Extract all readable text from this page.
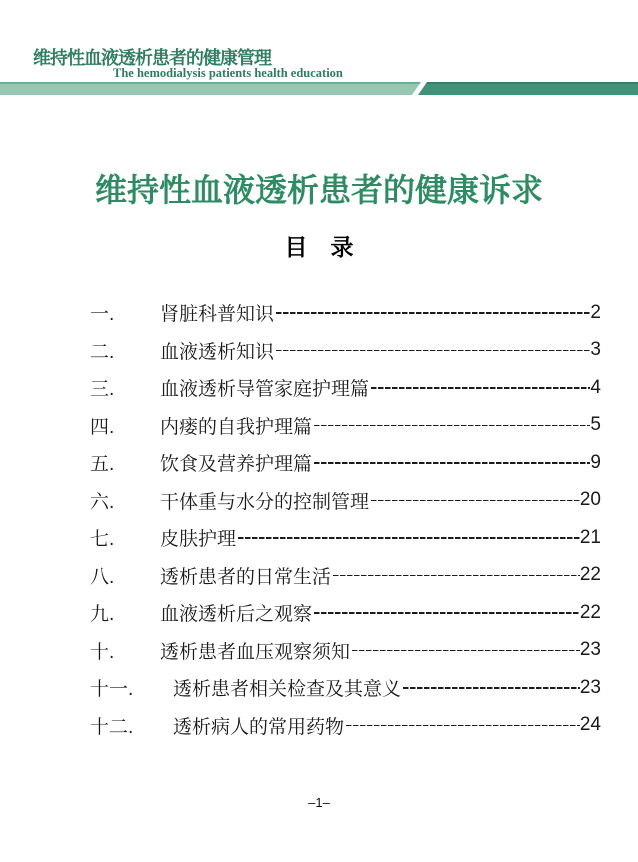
维持性血液透析患者的健康管理
The hemodialysis patients health education
维持性血液透析患者的健康诉求
目　录
一.	肾脏科普知识	2
二.	血液透析知识	3
三.	血液透析导管家庭护理篇	4
四.	内瘘的自我护理篇	5
五.	饮食及营养护理篇	9
六.	干体重与水分的控制管理	20
七.	皮肤护理	21
八.	透析患者的日常生活	22
九.	血液透析后之观察	22
十.	透析患者血压观察须知	23
十一.	透析患者相关检查及其意义	23
十二.	透析病人的常用药物	24
–1–
